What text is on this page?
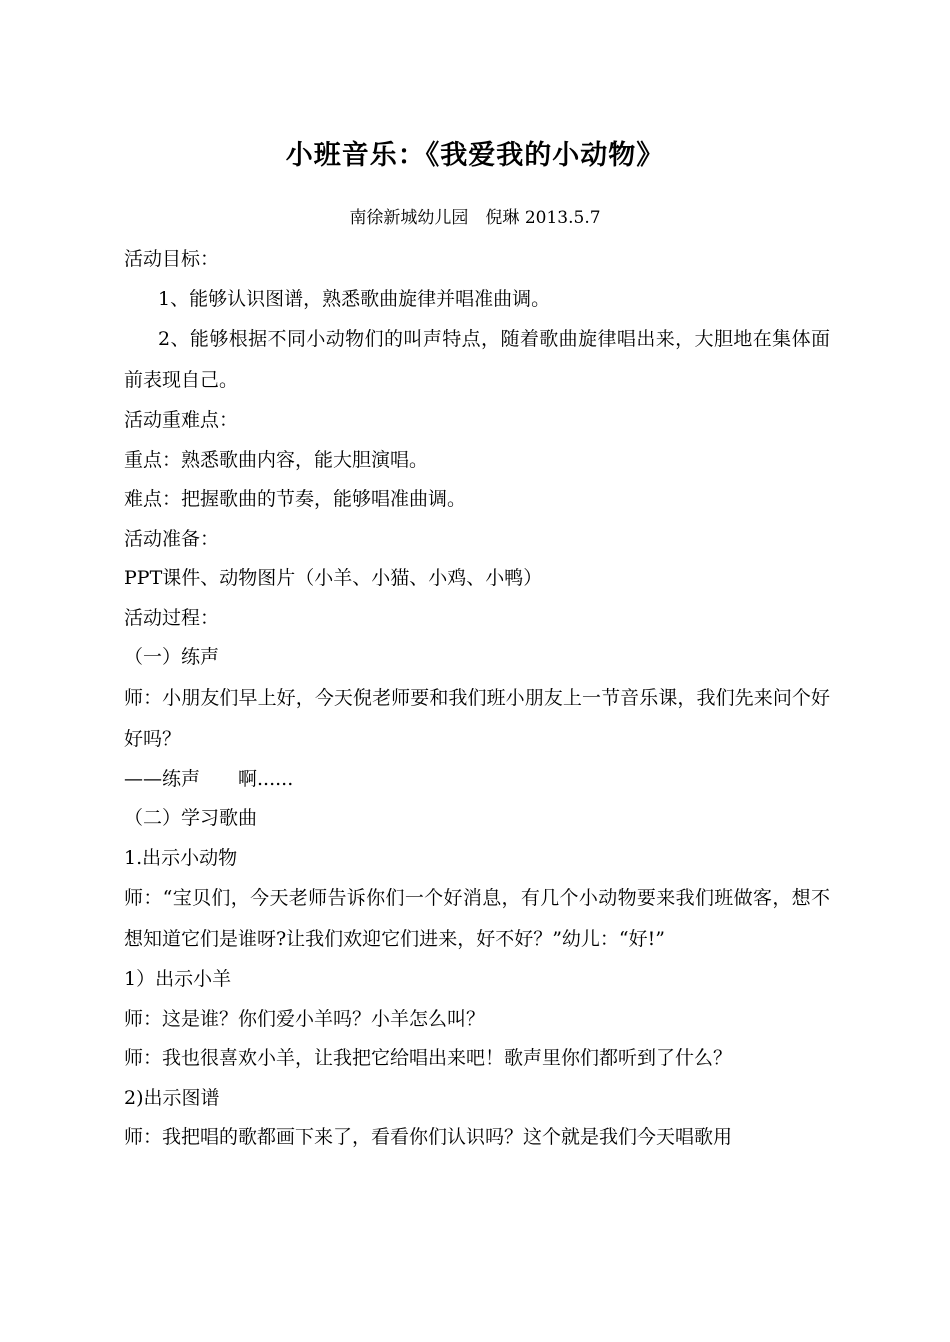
小班音乐：《我爱我的小动物》
南徐新城幼儿园　倪琳 2013.5.7

活动目标：

1、能够认识图谱，熟悉歌曲旋律并唱准曲调。

2、能够根据不同小动物们的叫声特点，随着歌曲旋律唱出来，大胆地在集体面前表现自己。

活动重难点：

重点：熟悉歌曲内容，能大胆演唱。

难点：把握歌曲的节奏，能够唱准曲调。

活动准备：

PPT课件、动物图片（小羊、小猫、小鸡、小鸭）

活动过程：

（一）练声

师：小朋友们早上好，今天倪老师要和我们班小朋友上一节音乐课，我们先来问个好好吗？

——练声　　啊......

（二）学习歌曲

1.出示小动物

师：“宝贝们，今天老师告诉你们一个好消息，有几个小动物要来我们班做客，想不想知道它们是谁呀?让我们欢迎它们进来，好不好？”幼儿：“好!”

1）出示小羊

师：这是谁？你们爱小羊吗？小羊怎么叫？

师：我也很喜欢小羊，让我把它给唱出来吧！歌声里你们都听到了什么？

2)出示图谱

师：我把唱的歌都画下来了，看看你们认识吗？这个就是我们今天唱歌用
